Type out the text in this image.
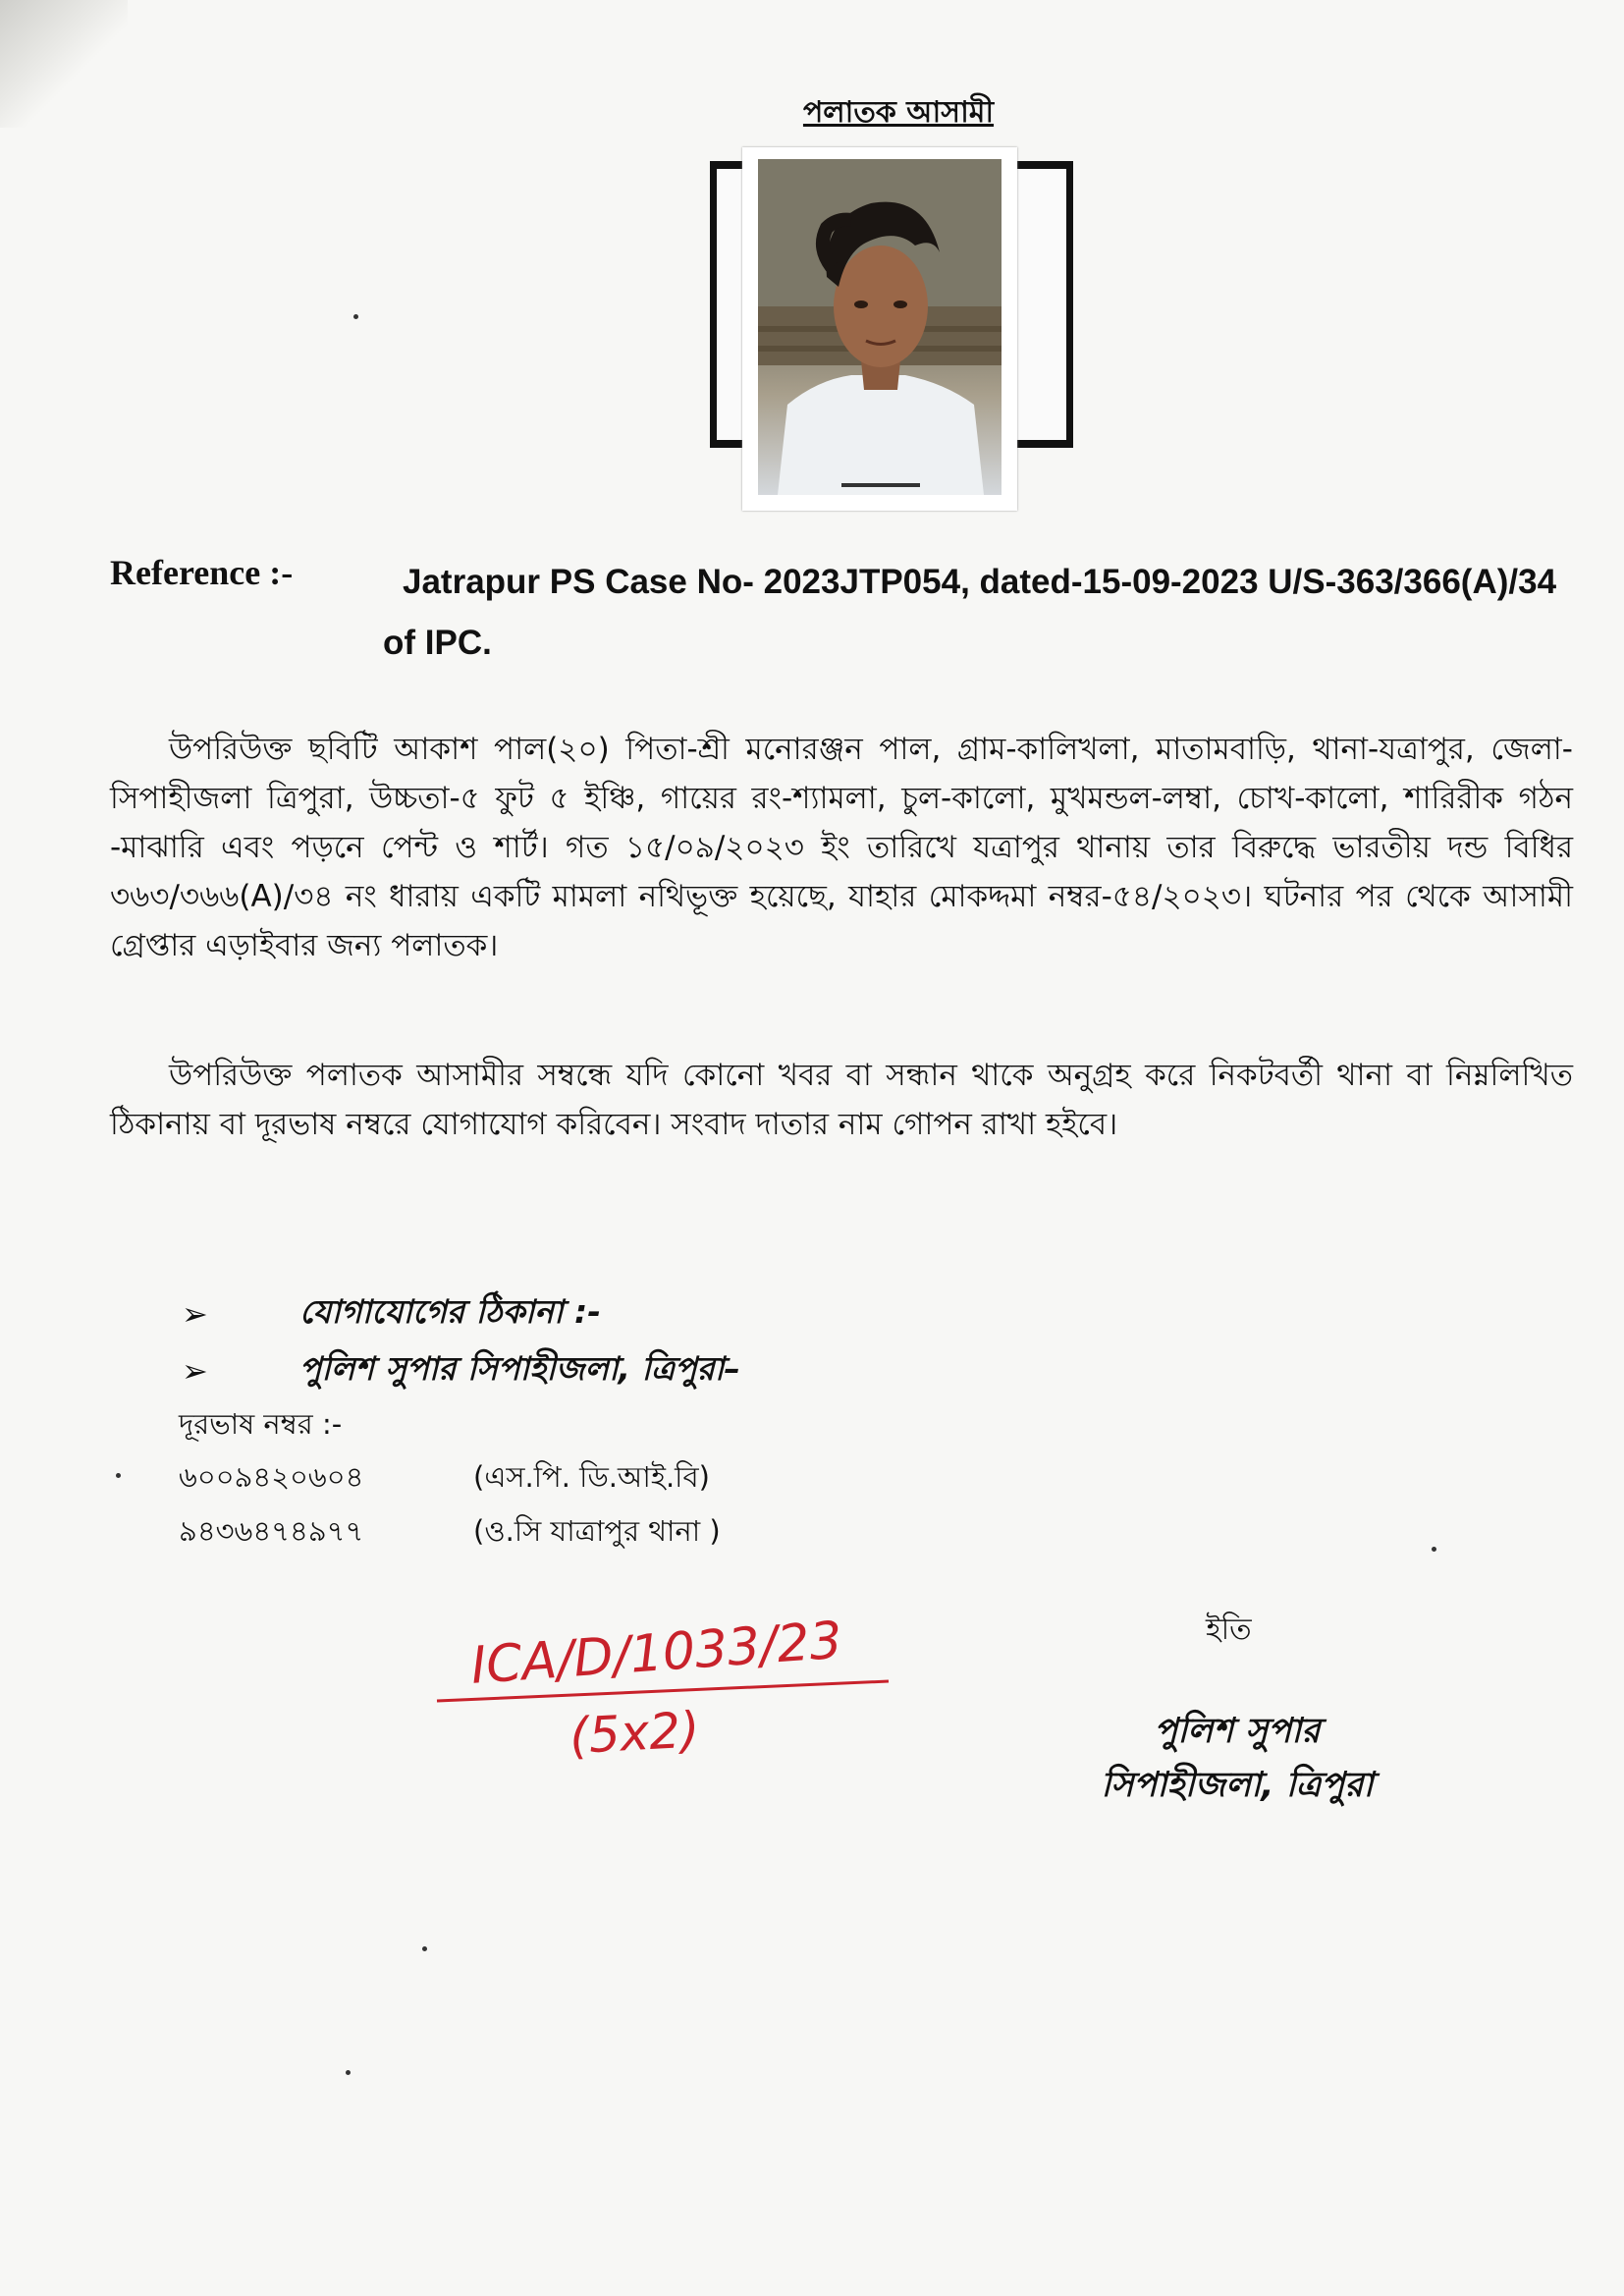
পলাতক আসামী
Reference :-	Jatrapur PS Case No- 2023JTP054, dated-15-09-2023 U/S-363/366(A)/34 of IPC.
উপরিউক্ত ছবিটি আকাশ পাল(২০) পিতা-শ্রী মনোরঞ্জন পাল, গ্রাম-কালিখলা, মাতামবাড়ি, থানা-যত্রাপুর, জেলা-সিপাহীজলা ত্রিপুরা, উচ্চতা-৫ ফুট ৫ ইঞ্চি, গায়ের রং-শ্যামলা, চুল-কালো, মুখমন্ডল-লম্বা, চোখ-কালো, শারিরীক গঠন -মাঝারি এবং পড়নে পেন্ট ও শার্ট। গত ১৫/০৯/২০২৩ ইং তারিখে যত্রাপুর থানায় তার বিরুদ্ধে ভারতীয় দন্ড বিধির ৩৬৩/৩৬৬(A)/৩৪ নং ধারায় একটি মামলা নথিভূক্ত হয়েছে, যাহার মোকদ্দমা নম্বর-৫৪/২০২৩। ঘটনার পর থেকে আসামী গ্রেপ্তার এড়াইবার জন্য পলাতক।
উপরিউক্ত পলাতক আসামীর সম্বন্ধে যদি কোনো খবর বা সন্ধান থাকে অনুগ্রহ করে নিকটবর্তী থানা বা নিম্নলিখিত ঠিকানায় বা দূরভাষ নম্বরে যোগাযোগ করিবেন। সংবাদ দাতার নাম গোপন রাখা হইবে।
➢	যোগাযোগের ঠিকানা :-
➢	পুলিশ সুপার সিপাহীজলা, ত্রিপুরা–
দূরভাষ নম্বর :-
৬০০৯৪২০৬০৪	(এস.পি. ডি.আই.বি)
৯৪৩৬৪৭৪৯৭৭	(ও.সি যাত্রাপুর থানা )
ICA/D/1033/23
(5x2)
ইতি
পুলিশ সুপার
সিপাহীজলা, ত্রিপুরা
